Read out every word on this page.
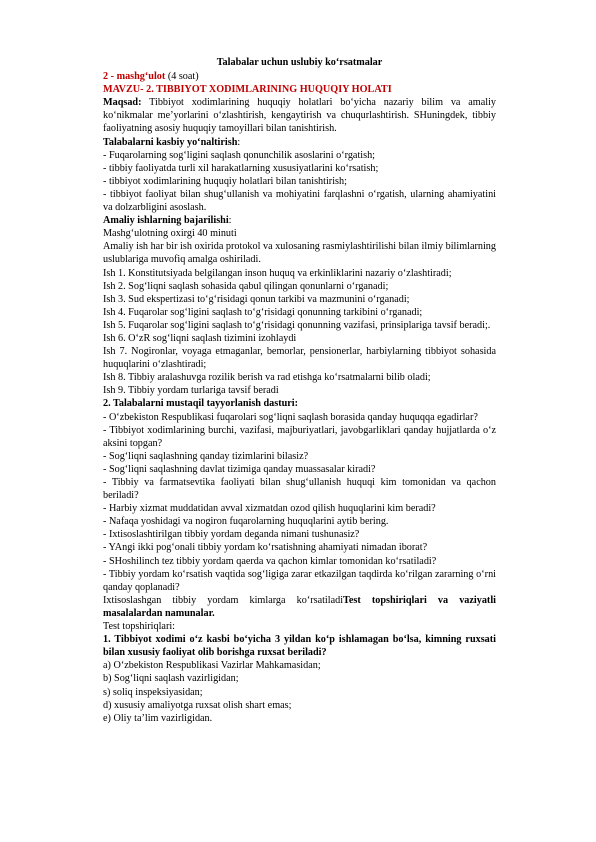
Talabalar uchun uslubiy ko‘rsatmalar

2 - mashg‘ulot (4 soat)

MAVZU- 2. TIBBIYOT XODIMLARINING HUQUQIY HOLATI

Maqsad: Tibbiyot xodimlarining huquqiy holatlari bo‘yicha nazariy bilim va amaliy ko‘nikmalar me’yorlarini o‘zlashtirish, kengaytirish va chuqurlashtirish. SHuningdek, tibbiy faoliyatning asosiy huquqiy tamoyillari bilan tanishtirish.

Talabalarni kasbiy yo‘naltirish:

- Fuqarolarning sog‘ligini saqlash qonunchilik asoslarini o‘rgatish;

- tibbiy faoliyatda turli xil harakatlarning xususiyatlarini ko‘rsatish;

- tibbiyot xodimlarining huquqiy holatlari bilan tanishtirish;

- tibbiyot faoliyat bilan shug‘ullanish va mohiyatini farqlashni o‘rgatish, ularning ahamiyatini va dolzarbligini asoslash.

Amaliy ishlarning bajarilishi:

Mashg‘ulotning oxirgi 40 minuti

Amaliy ish har bir ish oxirida protokol va xulosaning rasmiylashtirilishi bilan ilmiy bilimlarning uslublariga muvofiq amalga oshiriladi.

Ish 1. Konstitutsiyada belgilangan inson huquq va erkinliklarini nazariy o‘zlashtiradi;

Ish 2. Sog‘liqni saqlash sohasida qabul qilingan qonunlarni o‘rganadi;

Ish 3. Sud ekspertizasi to‘g‘risidagi qonun tarkibi va mazmunini o‘rganadi;

Ish 4. Fuqarolar sog‘ligini saqlash to‘g‘risidagi qonunning tarkibini o‘rganadi;

Ish 5. Fuqarolar sog‘ligini saqlash to‘g‘risidagi qonunning vazifasi, prinsiplariga tavsif beradi;.

Ish 6. O‘zR sog‘liqni saqlash tizimini izohlaydi

Ish 7. Nogironlar, voyaga etmaganlar, bemorlar, pensionerlar, harbiylarning tibbiyot sohasida huquqlarini o‘zlashtiradi;

Ish 8. Tibbiy aralashuvga rozilik berish va rad etishga ko‘rsatmalarni bilib oladi;

Ish 9. Tibbiy yordam turlariga tavsif beradi

2. Talabalarni mustaqil tayyorlanish dasturi:

- O‘zbekiston Respublikasi fuqarolari sog‘liqni saqlash borasida qanday huquqqa egadirlar?

- Tibbiyot xodimlarining burchi, vazifasi, majburiyatlari, javobgarliklari qanday hujjatlarda o‘z aksini topgan?

- Sog‘liqni saqlashning qanday tizimlarini bilasiz?

- Sog‘liqni saqlashning davlat tizimiga qanday muassasalar kiradi?

- Tibbiy va farmatsevtika faoliyati bilan shug‘ullanish huquqi kim tomonidan va qachon beriladi?

- Harbiy xizmat muddatidan avval xizmatdan ozod qilish huquqlarini kim beradi?

- Nafaqa yoshidagi va nogiron fuqarolarning huquqlarini aytib bering.

- Ixtisoslashtirilgan tibbiy yordam deganda nimani tushunasiz?

- YAngi ikki pog‘onali tibbiy yordam ko‘rsatishning ahamiyati nimadan iborat?

- SHoshilinch tez tibbiy yordam qaerda va qachon kimlar tomonidan ko‘rsatiladi?

- Tibbiy yordam ko‘rsatish vaqtida sog‘ligiga zarar etkazilgan taqdirda ko‘rilgan zararning o‘rni qanday qoplanadi?

Ixtisoslashgan tibbiy yordam kimlarga ko‘rsatiladiTest topshiriqlari va vaziyatli masalalardan namunalar.

Test topshiriqlari:

1. Tibbiyot xodimi o‘z kasbi bo‘yicha 3 yildan ko‘p ishlamagan bo‘lsa, kimning ruxsati bilan xususiy faoliyat olib borishga ruxsat beriladi?

a) O‘zbekiston Respublikasi Vazirlar Mahkamasidan;

b) Sog‘liqni saqlash vazirligidan;

s) soliq inspeksiyasidan;

d) xususiy amaliyotga ruxsat olish shart emas;

e) Oliy ta’lim vazirligidan.
